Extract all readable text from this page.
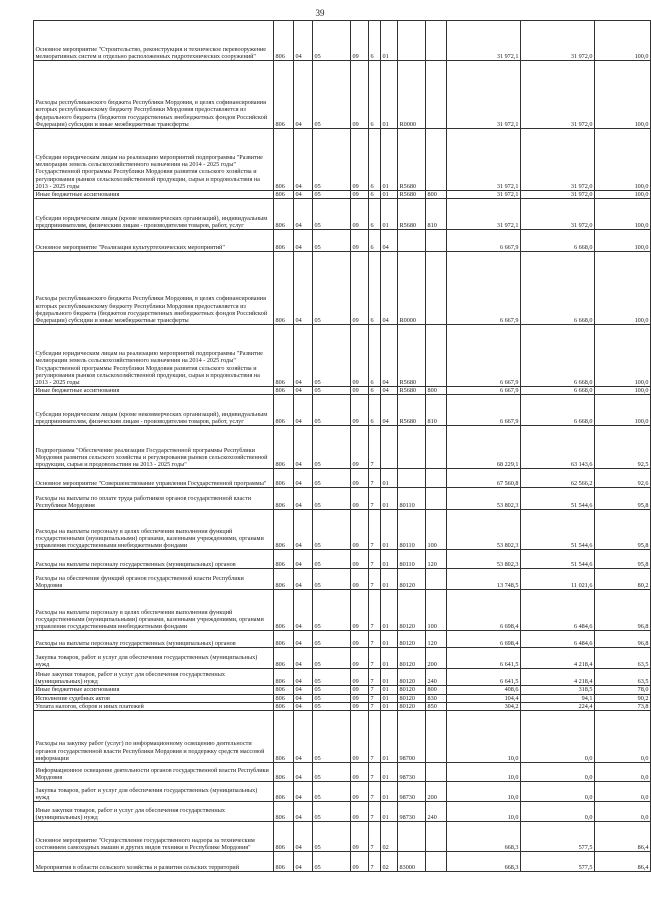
39
Основное мероприятие "Строительство, реконструкция и техническое перевооружение мелиоративных систем и отдельно расположенных гидротехнических сооружений"	806	04	05	09	6	01			31 972,1	31 972,0	100,0
Расходы республиканского бюджета Республики Мордовия, в целях софинансирования которых республиканскому бюджету Республики Мордовия предоставляется из федерального бюджета (бюджетов государственных внебюджетных фондов Российской Федерации) субсидии и иные межбюджетные трансферты	806	04	05	09	6	01	R0000		31 972,1	31 972,0	100,0
Субсидии юридическим лицам на реализацию мероприятий подпрограммы "Развитие мелиорации земель сельскохозяйственного назначения на 2014 - 2025 годы" Государственной программы Республики Мордовия развития сельского хозяйства и регулирования рынков сельскохозяйственной продукции, сырья и продовольствия на 2013 - 2025 годы	806	04	05	09	6	01	R5680		31 972,1	31 972,0	100,0
Иные бюджетные ассигнования	806	04	05	09	6	01	R5680	800	31 972,1	31 972,0	100,0
Субсидии юридическим лицам (кроме некоммерческих организаций), индивидуальным предпринимателям, физическим лицам - производителям товаров, работ, услуг	806	04	05	09	6	01	R5680	810	31 972,1	31 972,0	100,0
Основное мероприятие "Реализация культуртехнических мероприятий"	806	04	05	09	6	04			6 667,9	6 668,0	100,0
Расходы республиканского бюджета Республики Мордовия, в целях софинансирования которых республиканскому бюджету Республики Мордовия предоставляется из федерального бюджета (бюджетов государственных внебюджетных фондов Российской Федерации) субсидии и иные межбюджетные трансферты	806	04	05	09	6	04	R0000		6 667,9	6 668,0	100,0
Субсидии юридическим лицам на реализацию мероприятий подпрограммы "Развитие мелиорации земель сельскохозяйственного назначения на 2014 - 2025 годы" Государственной программы Республики Мордовия развития сельского хозяйства и регулирования рынков сельскохозяйственной продукции, сырья и продовольствия на 2013 - 2025 годы	806	04	05	09	6	04	R5680		6 667,9	6 668,0	100,0
Иные бюджетные ассигнования	806	04	05	09	6	04	R5680	800	6 667,9	6 668,0	100,0
Субсидии юридическим лицам (кроме некоммерческих организаций), индивидуальным предпринимателям, физическим лицам - производителям товаров, работ, услуг	806	04	05	09	6	04	R5680	810	6 667,9	6 668,0	100,0
Подпрограмма "Обеспечение реализации Государственной программы Республики Мордовия развития сельского хозяйства и регулирования рынков сельскохозяйственной продукции, сырья и продовольствия на 2013 - 2025 годы"	806	04	05	09	7				68 229,1	63 143,6	92,5
Основное мероприятие "Совершенствование управления Государственной программы"	806	04	05	09	7	01			67 560,8	62 566,2	92,6
Расходы на выплаты по оплате труда работников органов государственной власти Республики Мордовия	806	04	05	09	7	01	80110		53 802,3	51 544,6	95,8
Расходы на выплаты персоналу в целях обеспечения выполнения функций государственными (муниципальными) органами, казенными учреждениями, органами управления государственными внебюджетными фондами	806	04	05	09	7	01	80110	100	53 802,3	51 544,6	95,8
Расходы на выплаты персоналу государственных (муниципальных) органов	806	04	05	09	7	01	80110	120	53 802,3	51 544,6	95,8
Расходы на обеспечение функций органов государственной власти Республики Мордовия	806	04	05	09	7	01	80120		13 748,5	11 021,6	80,2
Расходы на выплаты персоналу в целях обеспечения выполнения функций государственными (муниципальными) органами, казенными учреждениями, органами управления государственными внебюджетными фондами	806	04	05	09	7	01	80120	100	6 698,4	6 484,6	96,8
Расходы на выплаты персоналу государственных (муниципальных) органов	806	04	05	09	7	01	80120	120	6 698,4	6 484,6	96,8
Закупка товаров, работ и услуг для обеспечения государственных (муниципальных) нужд	806	04	05	09	7	01	80120	200	6 641,5	4 218,4	63,5
Иные закупки товаров, работ и услуг для обеспечения государственных (муниципальных) нужд	806	04	05	09	7	01	80120	240	6 641,5	4 218,4	63,5
Иные бюджетные ассигнования	806	04	05	09	7	01	80120	800	408,6	318,5	78,0
Исполнение судебных актов	806	04	05	09	7	01	80120	830	104,4	94,1	90,2
Уплата налогов, сборов и иных платежей	806	04	05	09	7	01	80120	850	304,2	224,4	73,8
Расходы на закупку работ (услуг) по информационному освещению деятельности органов государственной власти Республики Мордовия и поддержку средств массовой информации	806	04	05	09	7	01	98700		10,0	0,0	0,0
Информационное освещение деятельности органов государственной власти Республики Мордовия	806	04	05	09	7	01	98730		10,0	0,0	0,0
Закупка товаров, работ и услуг для обеспечения государственных (муниципальных) нужд	806	04	05	09	7	01	98730	200	10,0	0,0	0,0
Иные закупки товаров, работ и услуг для обеспечения государственных (муниципальных) нужд	806	04	05	09	7	01	98730	240	10,0	0,0	0,0
Основное мероприятие "Осуществление государственного надзора за техническим состоянием самоходных машин и других видов техники в Республике Мордовия"	806	04	05	09	7	02			668,3	577,5	86,4
Мероприятия в области сельского хозяйства и развития сельских территорий	806	04	05	09	7	02	83000		668,3	577,5	86,4
